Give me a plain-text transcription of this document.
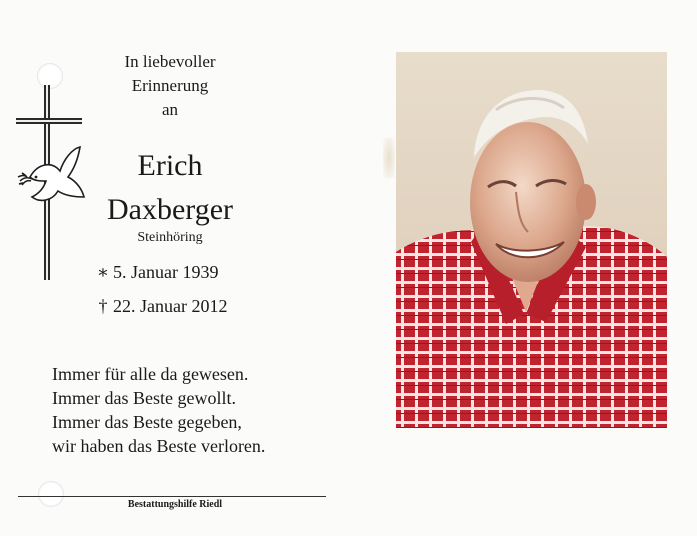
In liebevoller
Erinnerung
an
Erich
Daxberger
Steinhöring
∗ 5. Januar 1939
† 22. Januar 2012
Immer für alle da gewesen.
Immer das Beste gewollt.
Immer das Beste gegeben,
wir haben das Beste verloren.
Bestattungshilfe Riedl
